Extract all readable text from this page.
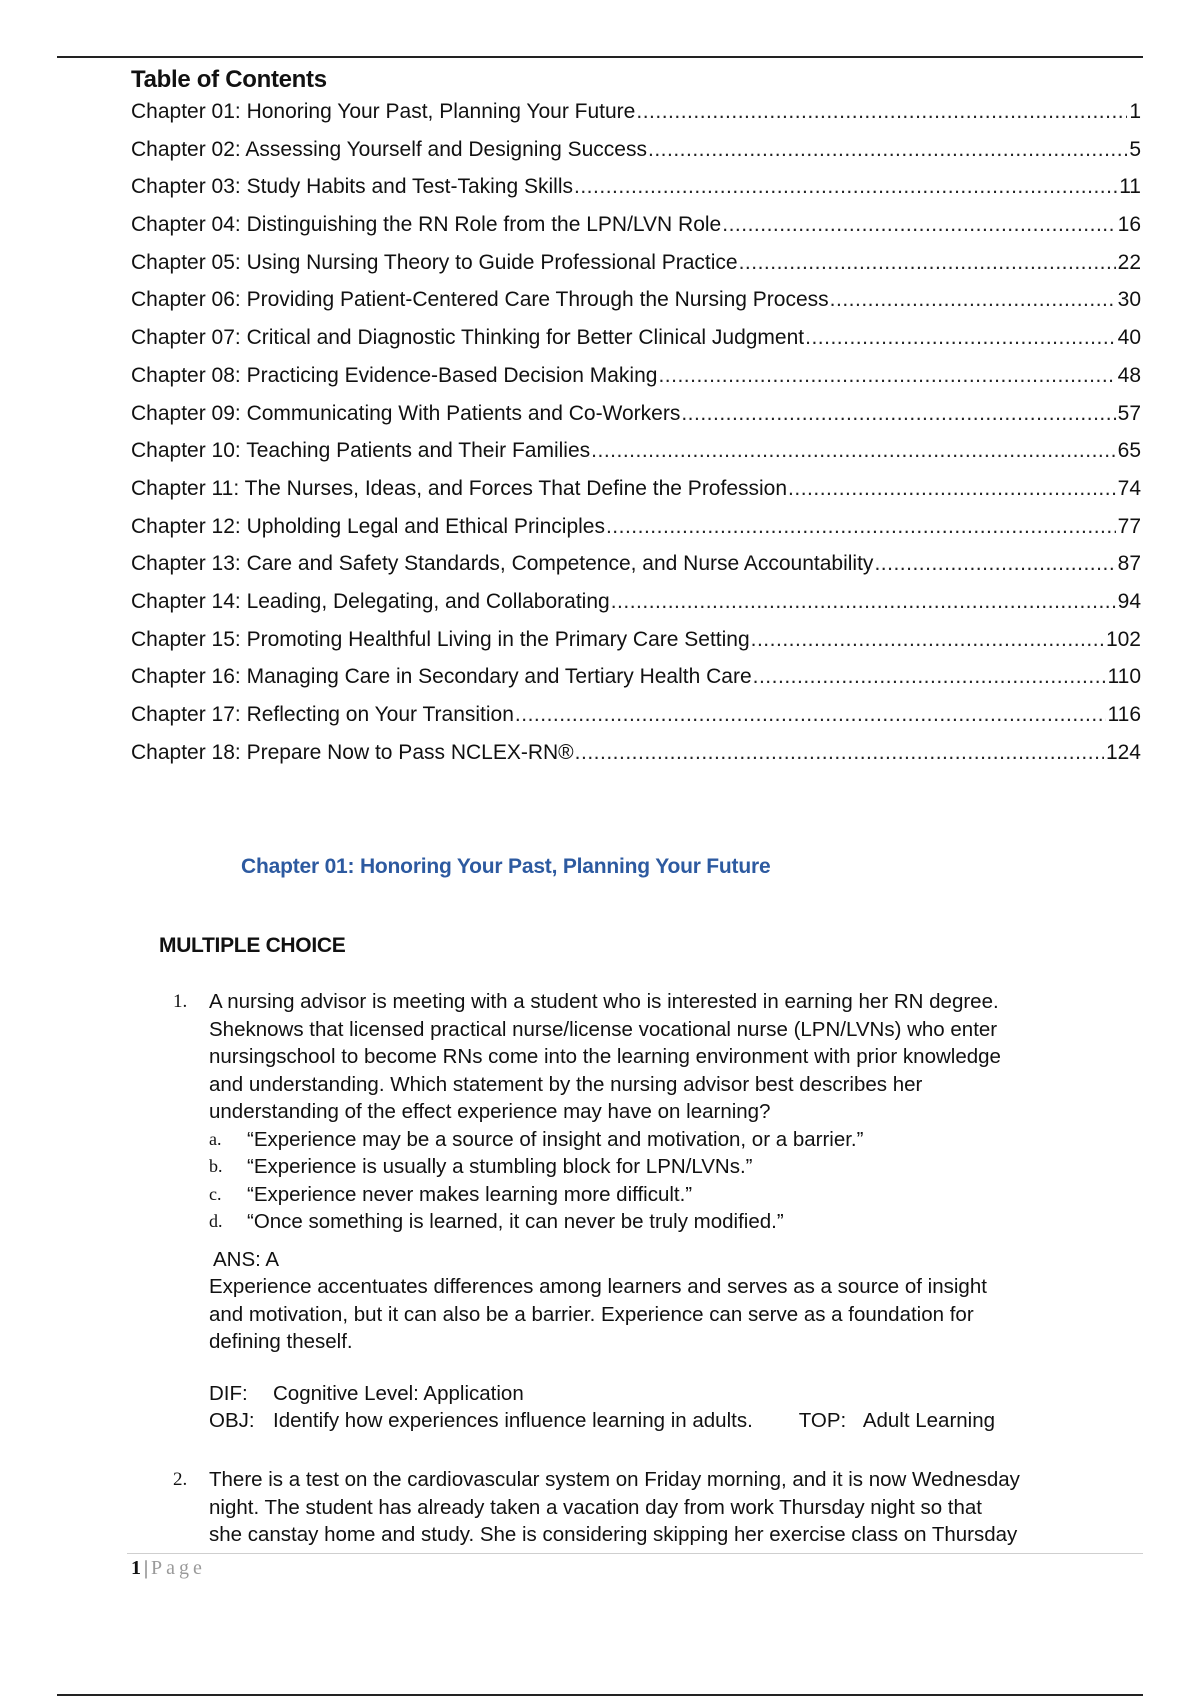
Table of Contents
Chapter 01: Honoring Your Past, Planning Your Future .....	1
Chapter 02: Assessing Yourself and Designing Success .....	5
Chapter 03: Study Habits and Test-Taking Skills .....	11
Chapter 04: Distinguishing the RN Role from the LPN/LVN Role .....	16
Chapter 05: Using Nursing Theory to Guide Professional Practice .....	22
Chapter 06: Providing Patient-Centered Care Through the Nursing Process .....	30
Chapter 07: Critical and Diagnostic Thinking for Better Clinical Judgment .....	40
Chapter 08: Practicing Evidence-Based Decision Making .....	48
Chapter 09: Communicating With Patients and Co-Workers .....	57
Chapter 10: Teaching Patients and Their Families .....	65
Chapter 11: The Nurses, Ideas, and Forces That Define the Profession .....	74
Chapter 12: Upholding Legal and Ethical Principles .....	77
Chapter 13: Care and Safety Standards, Competence, and Nurse Accountability .....	87
Chapter 14: Leading, Delegating, and Collaborating .....	94
Chapter 15: Promoting Healthful Living in the Primary Care Setting .....	102
Chapter 16: Managing Care in Secondary and Tertiary Health Care .....	110
Chapter 17: Reflecting on Your Transition .....	116
Chapter 18: Prepare Now to Pass NCLEX-RN® .....	124
Chapter 01: Honoring Your Past, Planning Your Future
MULTIPLE CHOICE
1.	A nursing advisor is meeting with a student who is interested in earning her RN degree.
Sheknows that licensed practical nurse/license vocational nurse (LPN/LVNs) who enter
nursingschool to become RNs come into the learning environment with prior knowledge
and understanding. Which statement by the nursing advisor best describes her
understanding of the effect experience may have on learning?
a.	“Experience may be a source of insight and motivation, or a barrier.”
b.	“Experience is usually a stumbling block for LPN/LVNs.”
c.	“Experience never makes learning more difficult.”
d.	“Once something is learned, it can never be truly modified.”
ANS: A
Experience accentuates differences among learners and serves as a source of insight
and motivation, but it can also be a barrier. Experience can serve as a foundation for
defining theself.
DIF:	Cognitive Level: Application
OBJ: Identify how experiences influence learning in adults. TOP: Adult Learning
2.	There is a test on the cardiovascular system on Friday morning, and it is now Wednesday
night. The student has already taken a vacation day from work Thursday night so that
she canstay home and study. She is considering skipping her exercise class on Thursday
1 | Page
